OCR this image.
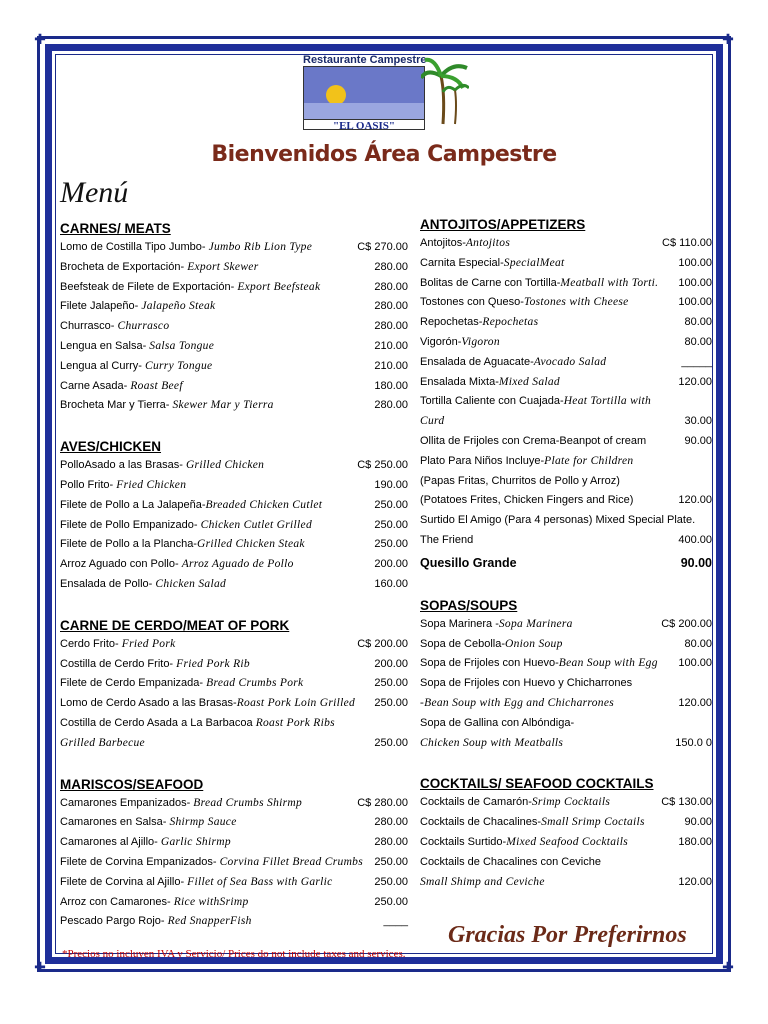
✚	✚
✚	✚
Restaurante Campestre
"EL OASIS"
Bienvenidos Área Campestre
Menú
CARNES/ MEATS
Lomo de Costilla Tipo Jumbo- Jumbo Rib Lion Type	C$ 270.00
Brocheta de Exportación- Export Skewer	280.00
Beefsteak de Filete de Exportación- Export Beefsteak	280.00
Filete Jalapeño- Jalapeño Steak	280.00
Churrasco- Churrasco	280.00
Lengua en Salsa- Salsa Tongue	210.00
Lengua al Curry- Curry Tongue	210.00
Carne Asada- Roast Beef	180.00
Brocheta Mar y Tierra- Skewer Mar y Tierra	280.00
AVES/CHICKEN
PolloAsado a las Brasas- Grilled Chicken	C$ 250.00
Pollo Frito- Fried Chicken	190.00
Filete de Pollo a La Jalapeña-Breaded Chicken Cutlet	250.00
Filete de Pollo Empanizado- Chicken Cutlet Grilled	250.00
Filete de Pollo a la Plancha-Grilled Chicken Steak	250.00
Arroz Aguado con Pollo- Arroz Aguado de Pollo	200.00
Ensalada de Pollo- Chicken Salad	160.00
CARNE DE CERDO/MEAT OF PORK
Cerdo Frito- Fried Pork	C$ 200.00
Costilla de Cerdo Frito- Fried Pork Rib	200.00
Filete de Cerdo Empanizada- Bread Crumbs Pork	250.00
Lomo de Cerdo Asado a las Brasas-Roast Pork Loin Grilled 250.00
Costilla de Cerdo Asada a La Barbacoa Roast Pork Ribs
Grilled Barbecue	250.00
MARISCOS/SEAFOOD
Camarones Empanizados- Bread Crumbs Shirmp	C$ 280.00
Camarones en Salsa- Shirmp Sauce	280.00
Camarones al Ajillo- Garlic Shirmp	280.00
Filete de Corvina Empanizados- Corvina Fillet Bread Crumbs 250.00
Filete de Corvina al Ajillo- Fillet of Sea Bass with Garlic	250.00
Arroz con Camarones- Rice withSrimp	250.00
Pescado Pargo Rojo- Red SnapperFish	____
ANTOJITOS/APPETIZERS
Antojitos-Antojitos	C$ 110.00
Carnita Especial-SpecialMeat	100.00
Bolitas de Carne con Tortilla-Meatball with Torti. 100.00
Tostones con Queso-Tostones with Cheese	100.00
Repochetas-Repochetas	80.00
Vigorón-Vigoron	80.00
Ensalada de Aguacate-Avocado Salad	_____
Ensalada Mixta-Mixed Salad	120.00
Tortilla Caliente con Cuajada-Heat Tortilla with
Curd	30.00
Ollita de Frijoles con Crema-Beanpot of cream	90.00
Plato Para Niños Incluye-Plate for Children
(Papas Fritas, Churritos de Pollo y Arroz)
(Potatoes Frites, Chicken Fingers and Rice)	120.00
Surtido El Amigo (Para 4 personas) Mixed Special Plate.
The Friend	400.00
Quesillo Grande	90.00
SOPAS/SOUPS
Sopa Marinera -Sopa Marinera	C$ 200.00
Sopa de Cebolla-Onion Soup	80.00
Sopa de Frijoles con Huevo-Bean Soup with Egg 100.00
Sopa de Frijoles con Huevo y Chicharrones
-Bean Soup with Egg and Chicharrones	120.00
Sopa de Gallina con Albóndiga-
Chicken Soup with Meatballs	150.0 0
COCKTAILS/ SEAFOOD COCKTAILS
Cocktails de Camarón-Srimp Cocktails	C$ 130.00
Cocktails de Chacalines-Small Srimp Coctails	90.00
Cocktails Surtido-Mixed Seafood Cocktails	180.00
Cocktails de Chacalines con Ceviche
Small Shimp and Ceviche	120.00
*Precios no incluyen IVA y Servicio/ Prices do not include taxes and services.
Gracias Por Preferirnos
